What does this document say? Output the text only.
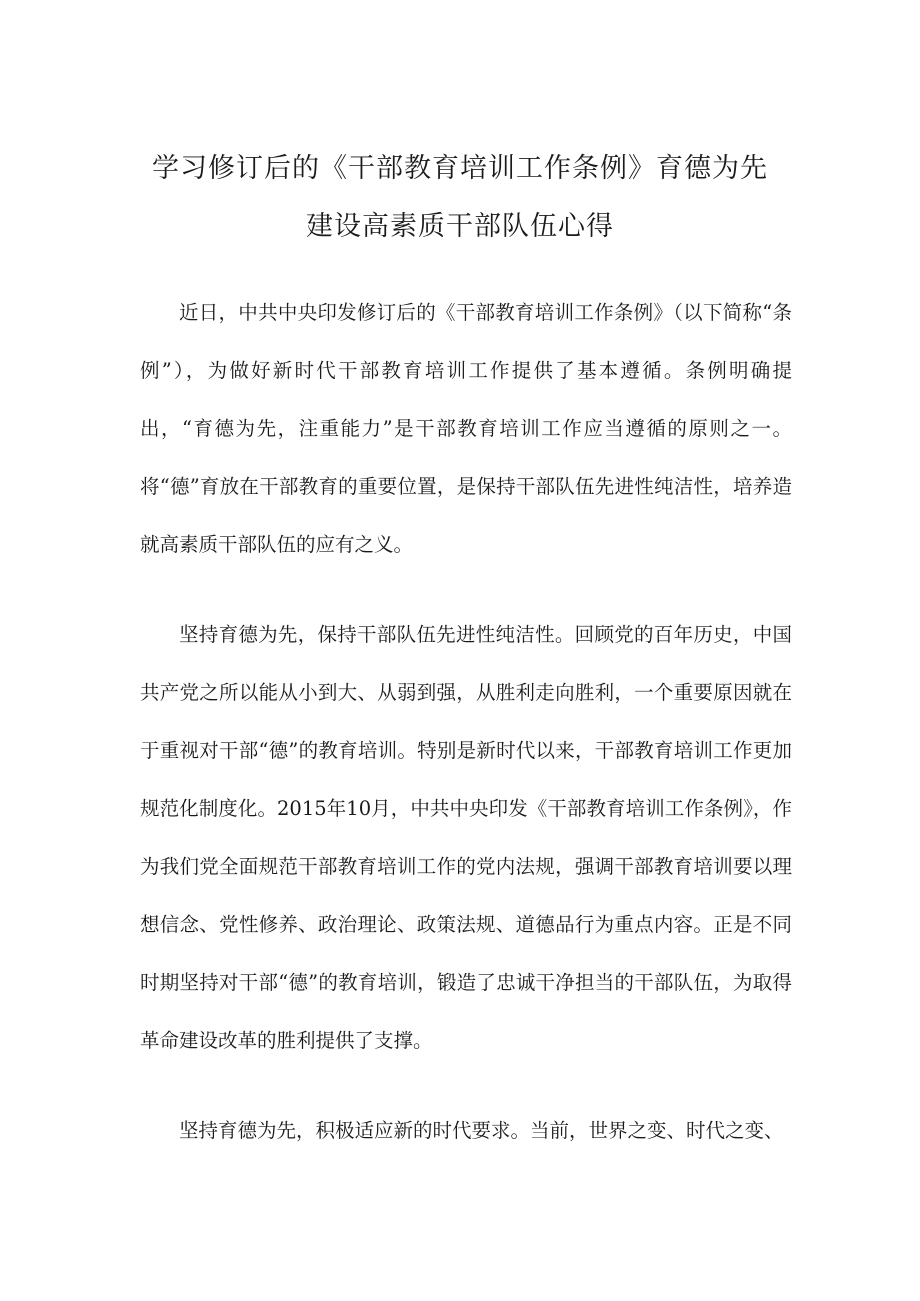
学习修订后的《干部教育培训工作条例》育德为先
建设高素质干部队伍心得

近日，中共中央印发修订后的《干部教育培训工作条例》（以下简称“条例”），为做好新时代干部教育培训工作提供了基本遵循。条例明确提出，“育德为先，注重能力”是干部教育培训工作应当遵循的原则之一。将“德”育放在干部教育的重要位置，是保持干部队伍先进性纯洁性，培养造就高素质干部队伍的应有之义。

坚持育德为先，保持干部队伍先进性纯洁性。回顾党的百年历史，中国共产党之所以能从小到大、从弱到强，从胜利走向胜利，一个重要原因就在于重视对干部“德”的教育培训。特别是新时代以来，干部教育培训工作更加规范化制度化。2015年10月，中共中央印发《干部教育培训工作条例》，作为我们党全面规范干部教育培训工作的党内法规，强调干部教育培训要以理想信念、党性修养、政治理论、政策法规、道德品行为重点内容。正是不同时期坚持对干部“德”的教育培训，锻造了忠诚干净担当的干部队伍，为取得革命建设改革的胜利提供了支撑。

坚持育德为先，积极适应新的时代要求。当前，世界之变、时代之变、
